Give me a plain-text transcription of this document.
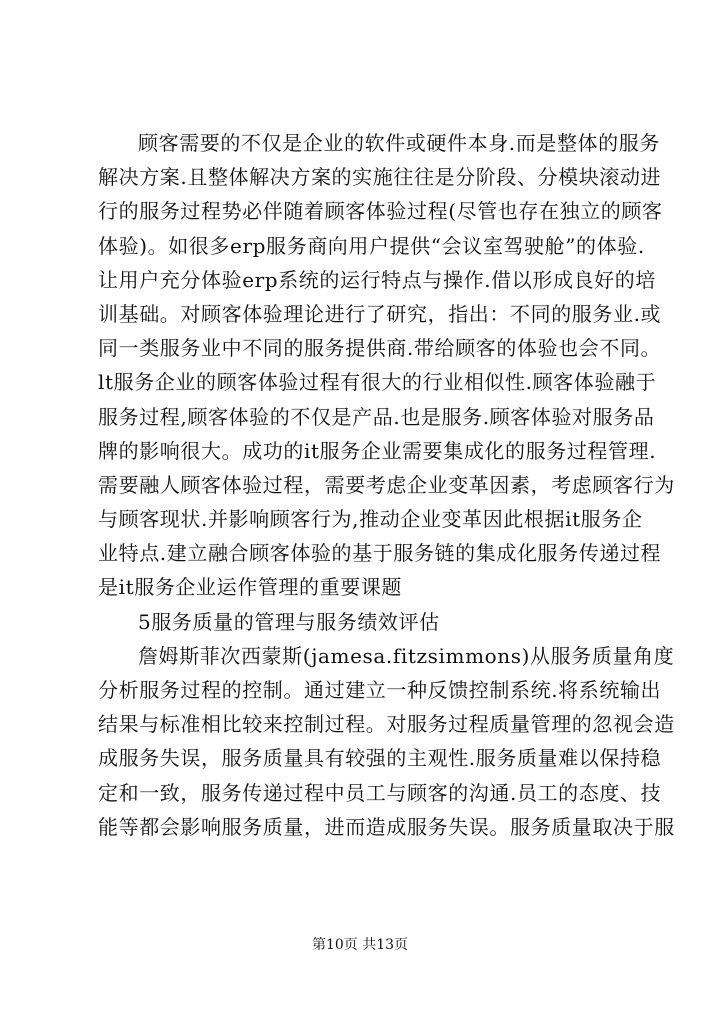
顾客需要的不仅是企业的软件或硬件本身.而是整体的服务
解决方案.且整体解决方案的实施往往是分阶段、分模块滚动进
行的服务过程势必伴随着顾客体验过程(尽管也存在独立的顾客
体验)。如很多erp服务商向用户提供“会议室驾驶舱”的体验.
让用户充分体验erp系统的运行特点与操作.借以形成良好的培
训基础。对顾客体验理论进行了研究，指出：不同的服务业.或
同一类服务业中不同的服务提供商.带给顾客的体验也会不同。
lt服务企业的顾客体验过程有很大的行业相似性.顾客体验融于
服务过程,顾客体验的不仅是产品.也是服务.顾客体验对服务品
牌的影响很大。成功的it服务企业需要集成化的服务过程管理.
需要融人顾客体验过程，需要考虑企业变革因素，考虑顾客行为
与顾客现状.并影响顾客行为,推动企业变革因此根据it服务企
业特点.建立融合顾客体验的基于服务链的集成化服务传递过程
是it服务企业运作管理的重要课题
5服务质量的管理与服务绩效评估
詹姆斯菲次西蒙斯(jamesa.fitzsimmons)从服务质量角度
分析服务过程的控制。通过建立一种反馈控制系统.将系统输出
结果与标准相比较来控制过程。对服务过程质量管理的忽视会造
成服务失误，服务质量具有较强的主观性.服务质量难以保持稳
定和一致，服务传递过程中员工与顾客的沟通.员工的态度、技
能等都会影响服务质量，进而造成服务失误。服务质量取决于服
第10页 共13页
